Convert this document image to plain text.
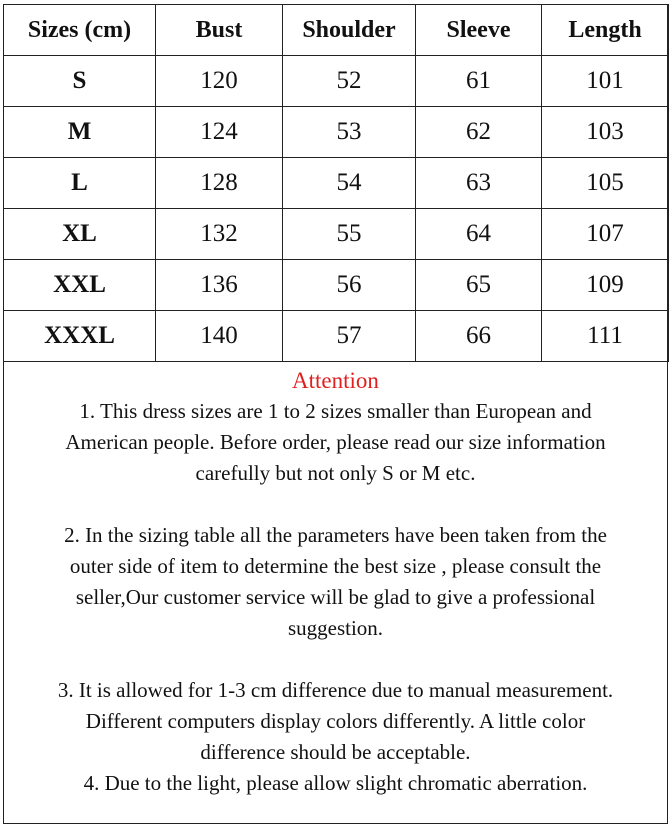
Sizes (cm)	Bust	Shoulder	Sleeve	Length
S	120	52	61	101
M	124	53	62	103
L	128	54	63	105
XL	132	55	64	107
XXL	136	56	65	109
XXXL	140	57	66	111

Attention

1. This dress sizes are 1 to 2 sizes smaller than European and

American people. Before order, please read our size information

carefully but not only S or M etc.

2. In the sizing table all the parameters have been taken from the

outer side of item to determine the best size , please consult the

seller,Our customer service will be glad to give a professional

suggestion.

3. It is allowed for 1-3 cm difference due to manual measurement.

Different computers display colors differently. A little color

difference should be acceptable.

4. Due to the light, please allow slight chromatic aberration.
